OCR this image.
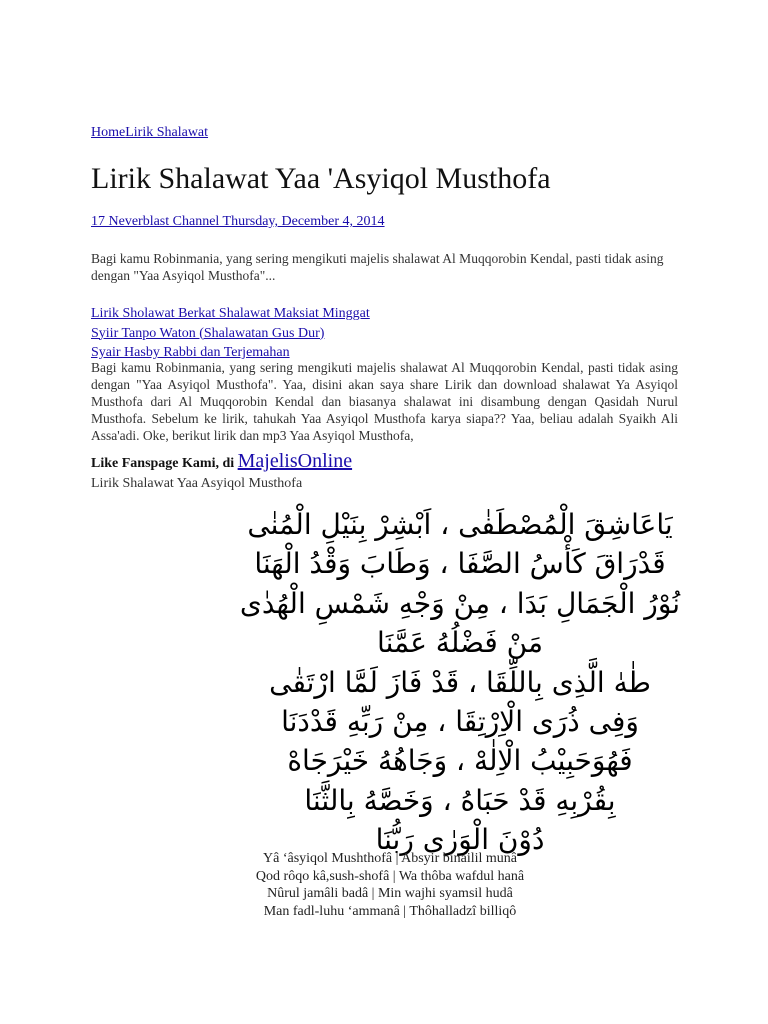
HomeLirik Shalawat
Lirik Shalawat Yaa 'Asyiqol Musthofa
17 Neverblast Channel Thursday, December 4, 2014

Bagi kamu Robinmania, yang sering mengikuti majelis shalawat Al Muqqorobin Kendal, pasti tidak asing dengan "Yaa Asyiqol Musthofa"...

Lirik Sholawat Berkat Shalawat Maksiat Minggat
Syiir Tanpo Waton (Shalawatan Gus Dur)
Syair Hasby Rabbi dan Terjemahan

Bagi kamu Robinmania, yang sering mengikuti majelis shalawat Al Muqqorobin Kendal, pasti tidak asing dengan "Yaa Asyiqol Musthofa". Yaa, disini akan saya share Lirik dan download shalawat Ya Asyiqol Musthofa dari Al Muqqorobin Kendal dan biasanya shalawat ini disambung dengan Qasidah Nurul Musthofa. Sebelum ke lirik, tahukah Yaa Asyiqol Musthofa karya siapa?? Yaa, beliau adalah Syaikh Ali Assa'adi. Oke, berikut lirik dan mp3 Yaa Asyiqol Musthofa,

Like Fanspage Kami, di MajelisOnline
Lirik Shalawat Yaa Asyiqol Musthofa
يَاعَاشِقَ الْمُصْطَفٰى ، اَبْشِرْ بِنَيْلِ الْمُنٰى
قَدْرَاقَ كَأْسُ الصَّفَا ، وَطَابَ وَقْدُ الْهَنَا
نُوْرُ الْجَمَالِ بَدَا ، مِنْ وَجْهِ شَمْسِ الْهُدٰى
مَنْ فَضْلُهُ عَمَّنَا
طٰهٰ الَّذِى بِاللِّقَا ، قَدْ فَازَ لَمَّا ارْتَقٰى
وَفِى ذُرَى الْاِرْتِقَا ، مِنْ رَبِّهِ قَدْدَنَا
فَهُوَحَبِيْبُ الْاِلٰهْ ، وَجَاهُهُ خَيْرَجَاهْ
بِقُرْبِهِ قَدْ حَبَاهُ ، وَخَصَّهُ بِالثَّنَا
دُوْنَ الْوَرٰى رَبُّنَا
Yâ ‘âsyiqol Mushthofâ | Absyir binailil munâ
Qod rôqo kâ,sush-shofâ | Wa thôba wafdul hanâ
Nûrul jamâli badâ | Min wajhi syamsil hudâ
Man fadl-luhu ‘ammanâ | Thôhalladzî billiqô
